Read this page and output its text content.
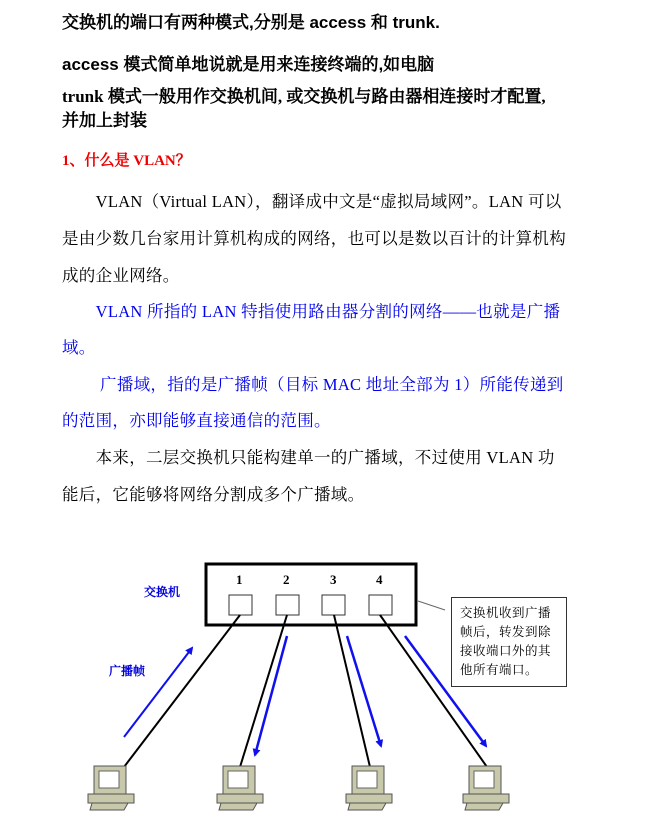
交换机的端口有两种模式,分别是 access 和 trunk.

access 模式简单地说就是用来连接终端的,如电脑

trunk 模式一般用作交换机间, 或交换机与路由器相连接时才配置,

并加上封装

1、什么是 VLAN？

　　VLAN（Virtual LAN），翻译成中文是“虚拟局域网”。LAN 可以

是由少数几台家用计算机构成的网络，也可以是数以百计的计算机构

成的企业网络。

　　VLAN 所指的 LAN 特指使用路由器分割的网络——也就是广播

域。

　　 广播域，指的是广播帧（目标 MAC 地址全部为 1）所能传递到

的范围，亦即能够直接通信的范围。

　　本来，二层交换机只能构建单一的广播域，不过使用 VLAN 功

能后，它能够将网络分割成多个广播域。

1	2	3	4
交换机
广播帧
交换机收到广播帧后，转发到除接收端口外的其他所有端口。
